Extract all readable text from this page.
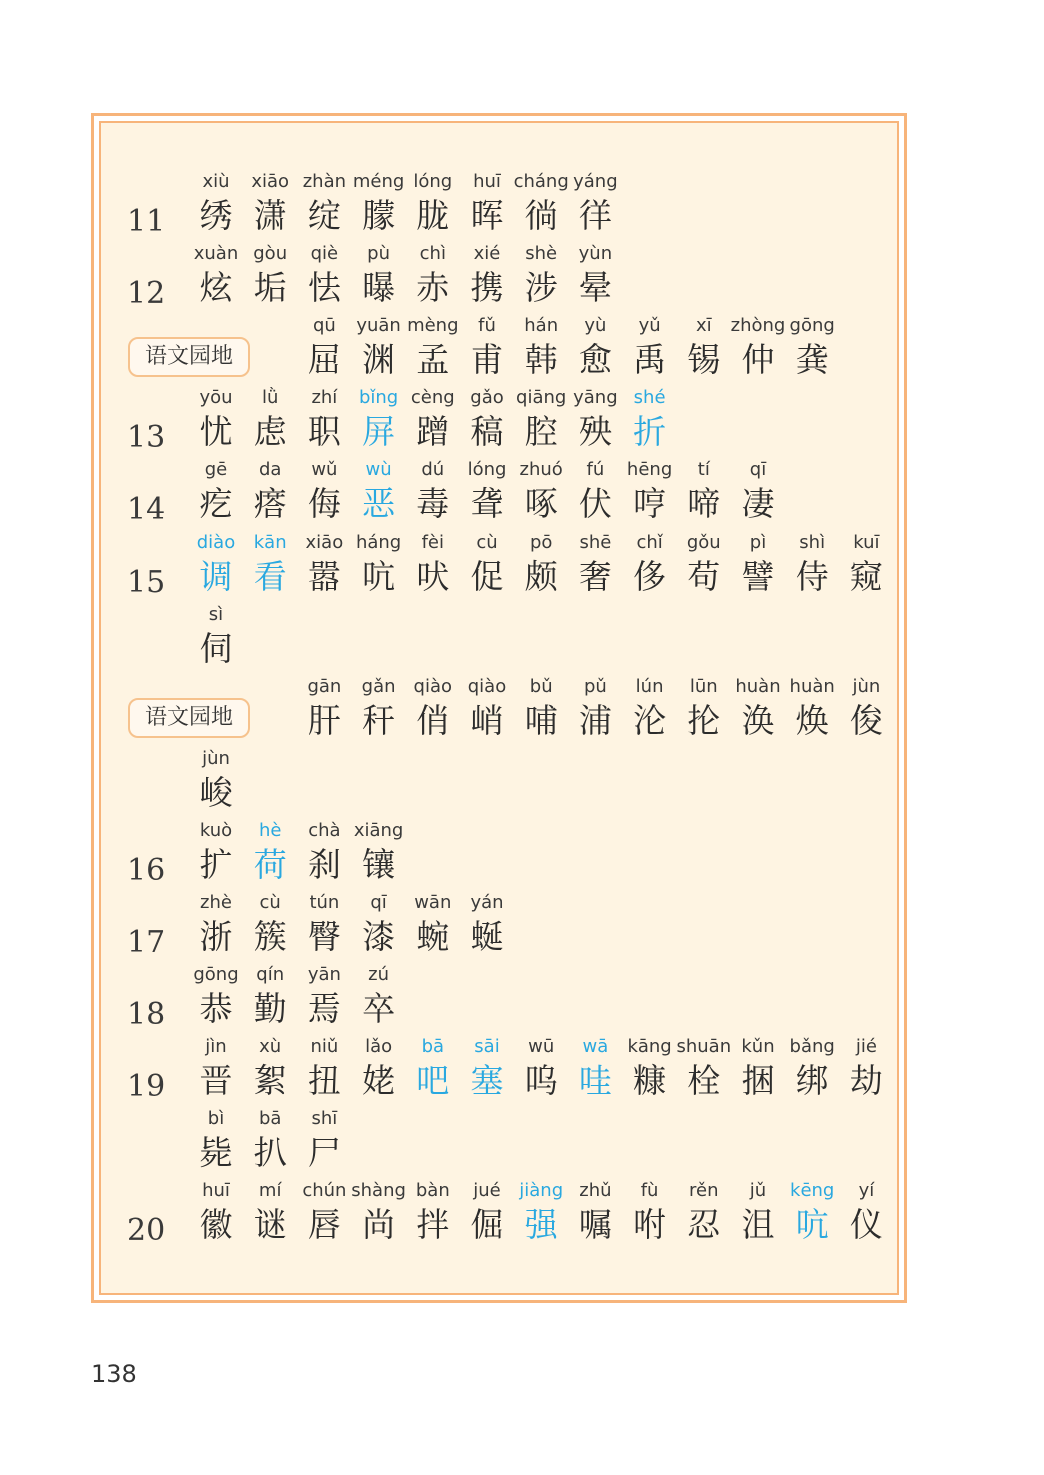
11
xiù
绣
xiāo
潇
zhàn
绽
méng
朦
lóng
胧
huī
晖
cháng
徜
yáng
徉
12
xuàn
炫
gòu
垢
qiè
怯
pù
曝
chì
赤
xié
携
shè
涉
yùn
晕
语文园地
qū
屈
yuān
渊
mèng
孟
fǔ
甫
hán
韩
yù
愈
yǔ
禹
xī
锡
zhòng
仲
gōng
龚
13
yōu
忧
lǜ
虑
zhí
职
bǐng
屏
cèng
蹭
gǎo
稿
qiāng
腔
yāng
殃
shé
折
14
gē
疙
da
瘩
wǔ
侮
wù
恶
dú
毒
lóng
聋
zhuó
啄
fú
伏
hēng
哼
tí
啼
qī
凄
15
diào
调
kān
看
xiāo
嚣
háng
吭
fèi
吠
cù
促
pō
颇
shē
奢
chǐ
侈
gǒu
苟
pì
譬
shì
侍
kuī
窥
sì
伺
语文园地
gān
肝
gǎn
秆
qiào
俏
qiào
峭
bǔ
哺
pǔ
浦
lún
沦
lūn
抡
huàn
涣
huàn
焕
jùn
俊
jùn
峻
16
kuò
扩
hè
荷
chà
刹
xiāng
镶
17
zhè
浙
cù
簇
tún
臀
qī
漆
wān
蜿
yán
蜒
18
gōng
恭
qín
勤
yān
焉
zú
卒
19
jìn
晋
xù
絮
niǔ
扭
lǎo
姥
bā
吧
sāi
塞
wū
呜
wā
哇
kāng
糠
shuān
栓
kǔn
捆
bǎng
绑
jié
劫
bì
毙
bā
扒
shī
尸
20
huī
徽
mí
谜
chún
唇
shàng
尚
bàn
拌
jué
倔
jiàng
强
zhǔ
嘱
fù
咐
rěn
忍
jǔ
沮
kēng
吭
yí
仪
138
